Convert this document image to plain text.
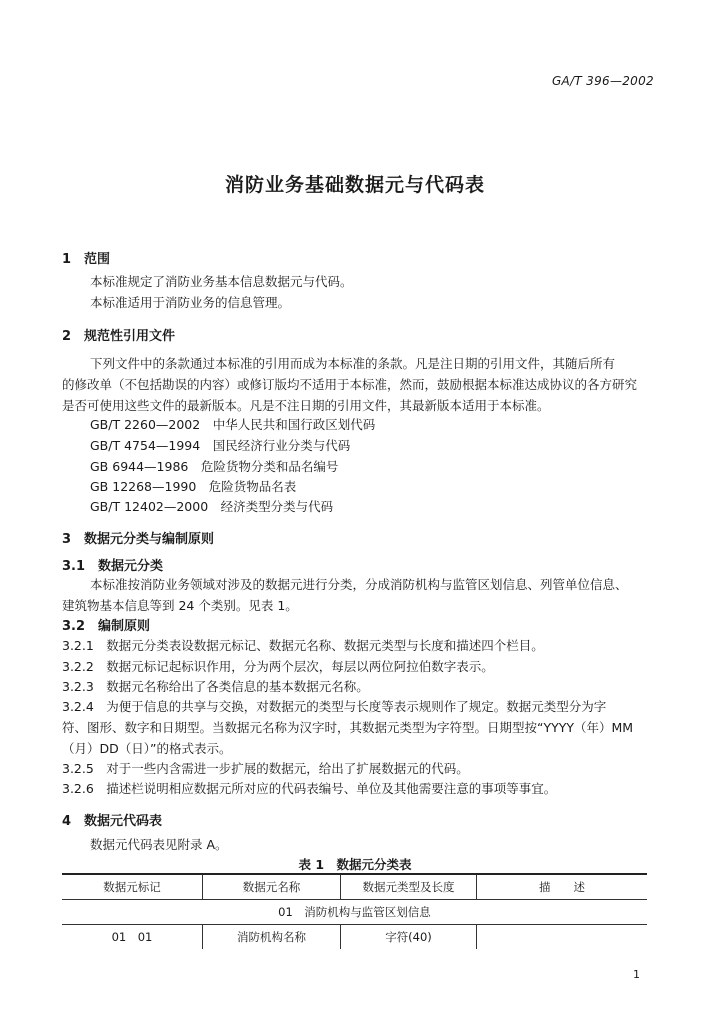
GA/T 396—2002
消防业务基础数据元与代码表
1　范围
本标准规定了消防业务基本信息数据元与代码。
本标准适用于消防业务的信息管理。
2　规范性引用文件
下列文件中的条款通过本标准的引用而成为本标准的条款。凡是注日期的引用文件，其随后所有
的修改单（不包括勘误的内容）或修订版均不适用于本标准，然而，鼓励根据本标准达成协议的各方研究
是否可使用这些文件的最新版本。凡是不注日期的引用文件，其最新版本适用于本标准。
GB/T 2260—2002　中华人民共和国行政区划代码
GB/T 4754—1994　国民经济行业分类与代码
GB 6944—1986　危险货物分类和品名编号
GB 12268—1990　危险货物品名表
GB/T 12402—2000　经济类型分类与代码
3　数据元分类与编制原则
3.1　数据元分类
本标准按消防业务领域对涉及的数据元进行分类，分成消防机构与监管区划信息、列管单位信息、
建筑物基本信息等到 24 个类别。见表 1。
3.2　编制原则
3.2.1　数据元分类表设数据元标记、数据元名称、数据元类型与长度和描述四个栏目。
3.2.2　数据元标记起标识作用，分为两个层次，每层以两位阿拉伯数字表示。
3.2.3　数据元名称给出了各类信息的基本数据元名称。
3.2.4　为便于信息的共享与交换，对数据元的类型与长度等表示规则作了规定。数据元类型分为字
符、图形、数字和日期型。当数据元名称为汉字时，其数据元类型为字符型。日期型按“YYYY（年）MM
（月）DD（日）”的格式表示。
3.2.5　对于一些内含需进一步扩展的数据元，给出了扩展数据元的代码。
3.2.6　描述栏说明相应数据元所对应的代码表编号、单位及其他需要注意的事项等事宜。
4　数据元代码表
数据元代码表见附录 A。
表 1　数据元分类表
数据元标记	数据元名称	数据元类型及长度	描　　述
01　消防机构与监管区划信息			
01　01	消防机构名称	字符(40)	
1
